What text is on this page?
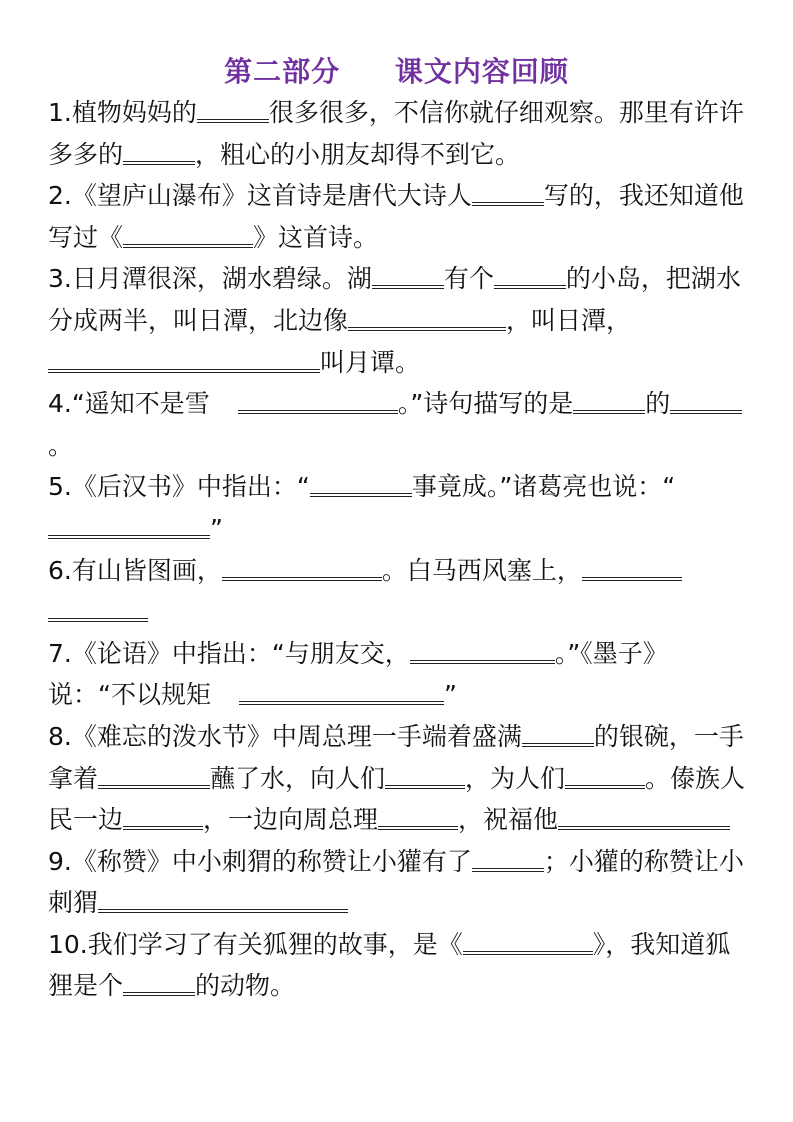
第二部分 课文内容回顾

1.植物妈妈的	很多很多，不信你就仔细观察。那里有许许多多的	，粗心的小朋友却得不到它。

2.《望庐山瀑布》这首诗是唐代大诗人	写的，我还知道他写过《	》这首诗。

3.日月潭很深，湖水碧绿。湖	有个	的小岛，把湖水分成两半，叫日潭，北边像	，叫日潭，叫月谭。

4.“遥知不是雪	。”诗句描写的是	的。

5.《后汉书》中指出：“	事竟成。”诸葛亮也说：“”

6.有山皆图画，	。白马西风塞上，

7.《论语》中指出：“与朋友交，	。”《墨子》说：“不以规矩	”

8.《难忘的泼水节》中周总理一手端着盛满	的银碗，一手拿着	蘸了水，向人们	，为人们	。傣族人民一边	，一边向周总理	，祝福他

9.《称赞》中小刺猬的称赞让小獾有了	；小獾的称赞让小刺猬

10.我们学习了有关狐狸的故事，是《	》，我知道狐狸是个	的动物。
